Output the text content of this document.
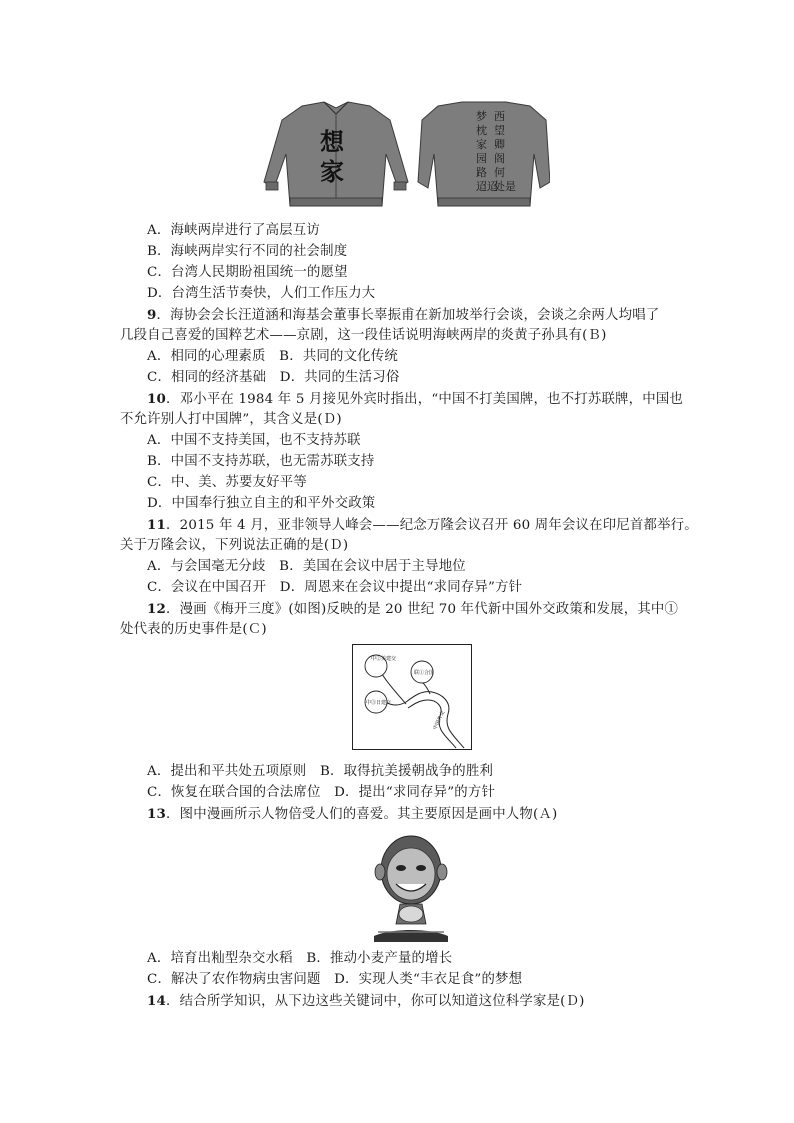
想
家
西
望
卿
阁
何
处是
梦
枕
家
园
路
迢迢
A．海峡两岸进行了高层互访
B．海峡两岸实行不同的社会制度
C．台湾人民期盼祖国统一的愿望
D．台湾生活节奏快，人们工作压力大
9．海协会会长汪道涵和海基会董事长辜振甫在新加坡举行会谈，会谈之余两人均唱了
几段自己喜爱的国粹艺术——京剧，这一段佳话说明海峡两岸的炎黄子孙具有(Ｂ)
A．相同的心理素质　B．共同的文化传统
C．相同的经济基础　D．共同的生活习俗
10．邓小平在 1984 年 5 月接见外宾时指出，“中国不打美国牌，也不打苏联牌，中国也
不允许别人打中国牌”，其含义是(Ｄ)
A．中国不支持美国，也不支持苏联
B．中国不支持苏联，也无需苏联支持
C．中、美、苏要友好平等
D．中国奉行独立自主的和平外交政策
11．2015 年 4 月，亚非领导人峰会——纪念万隆会议召开 60 周年会议在印尼首都举行。
关于万隆会议，下列说法正确的是(Ｄ)
A．与会国毫无分歧　B．美国在会议中居于主导地位
C．会议在中国召开　D．周恩来在会议中提出“求同存异”方针
12．漫画《梅开三度》(如图)反映的是 20 世纪 70 年代新中国外交政策和发展，其中①
处代表的历史事件是(Ｃ)
中②美建交
联①合国
中③日建交
中国外交
A．提出和平共处五项原则　B．取得抗美援朝战争的胜利
C．恢复在联合国的合法席位　D．提出“求同存异”的方针
13．图中漫画所示人物倍受人们的喜爱。其主要原因是画中人物(Ａ)
A．培育出籼型杂交水稻　B．推动小麦产量的增长
C．解决了农作物病虫害问题　D．实现人类“丰衣足食”的梦想
14．结合所学知识，从下边这些关键词中，你可以知道这位科学家是(Ｄ)
